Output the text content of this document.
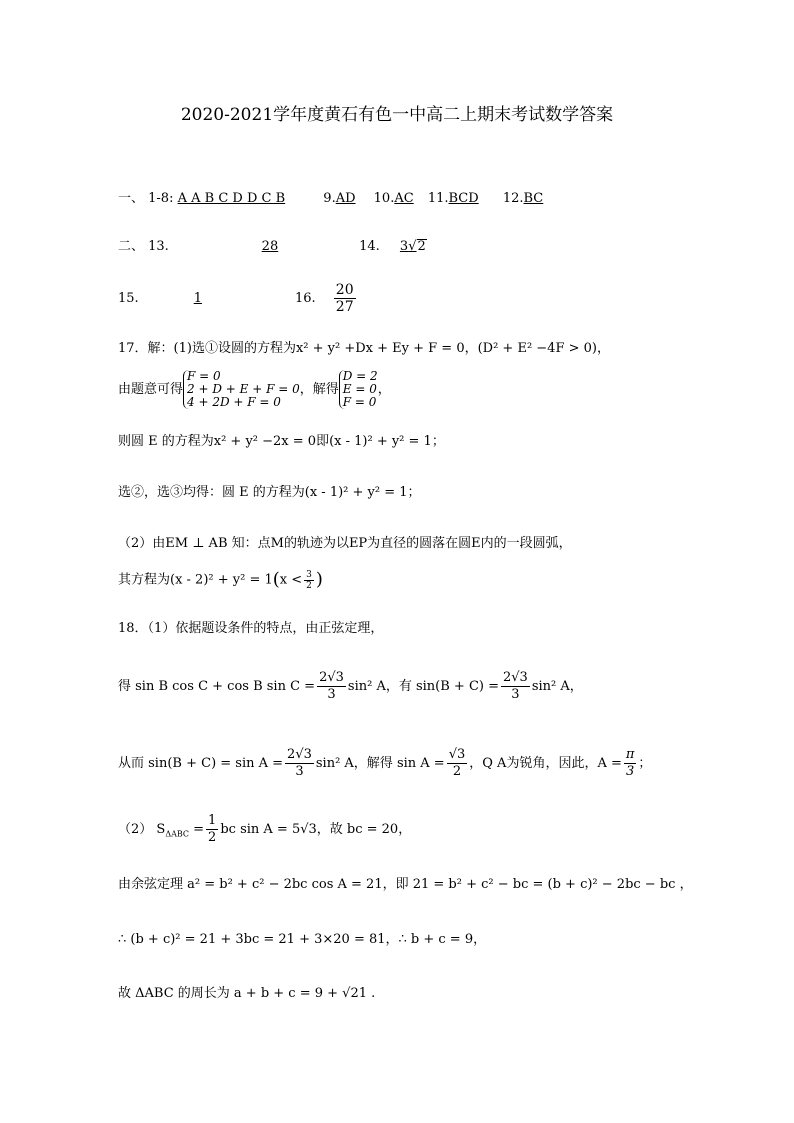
2020-2021学年度黄石有色一中高二上期末考试数学答案
一、 1-8: A A B C D D C B	9.AD 10.AC 11.BCD 12.BC
二、 13.	28	14. 3√2
15.	1	16. $\frac{20}{27}$
17．解：(1)选①设圆的方程为x² + y² +Dx + Ey + F = 0，(D² + E² −4F > 0)，
由题意可得
F = 0
2 + D + E + F = 0
4 + 2D + F = 0
，解得
D = 2
E = 0
F = 0
，
则圆 E 的方程为x² + y² −2x = 0即(x - 1)² + y² = 1；
选②，选③均得：圆 E 的方程为(x - 1)² + y² = 1；
（2）由EM ⊥ AB 知：点M的轨迹为以EP为直径的圆落在圆E内的一段圆弧，
其方程为$(x - 2)^2 + y^2 = 1(x < \frac{3}{2}$ )
18．（1）依据题设条件的特点，由正弦定理，
得 sin B cos C + cos B $\sin C = \frac{2√3}{3} \sin^2$ A，有 $\sin(B + C) = \frac{2√3}{3} \sin^2$ A，
从而 $\sin(B + C) = \sin A = \frac{2√3}{3} \sin^2$ A，解得 $\sin A = \frac{√3}{2}$ ，Q A为锐角，因此，$A = \frac{\pi}{3}$ ；
（2） $S_{\Delta ABC} = \frac{1}{2}$ bc sin A = 5√3，故 bc = 20，
由余弦定理 a² = b² + c² − 2bc cos A = 21，即 21 = b² + c² − bc = (b + c)² − 2bc − bc ，
∴ (b + c)² = 21 + 3bc = 21 + 3×20 = 81，∴ b + c = 9，
故 ΔABC 的周长为 a + b + c = 9 + √21 .
